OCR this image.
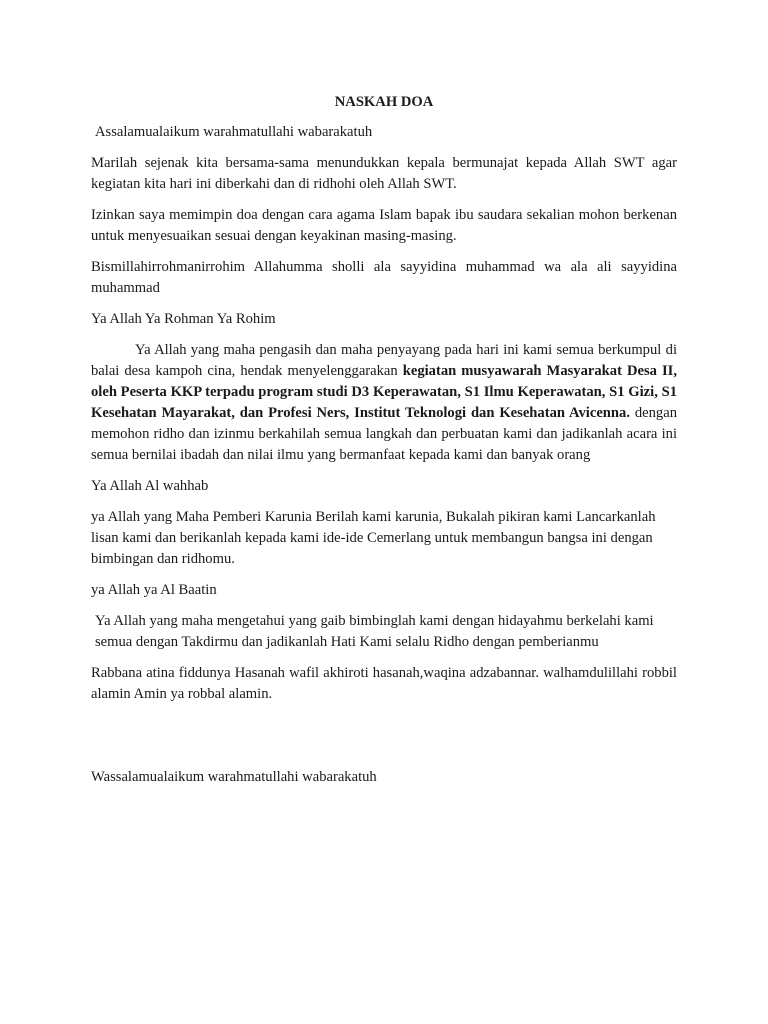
NASKAH DOA

Assalamualaikum warahmatullahi wabarakatuh

Marilah sejenak kita bersama-sama menundukkan kepala bermunajat kepada Allah SWT agar kegiatan kita hari ini diberkahi dan di ridhohi oleh Allah SWT.

Izinkan saya memimpin doa dengan cara agama Islam bapak ibu saudara sekalian mohon berkenan untuk menyesuaikan sesuai dengan keyakinan masing-masing.

Bismillahirrohmanirrohim Allahumma sholli ala sayyidina muhammad wa ala ali sayyidina muhammad

Ya Allah Ya Rohman Ya Rohim

Ya Allah yang maha pengasih dan maha penyayang pada hari ini kami semua berkumpul di balai desa kampoh cina, hendak menyelenggarakan kegiatan musyawarah Masyarakat Desa II, oleh Peserta KKP terpadu program studi D3 Keperawatan, S1 Ilmu Keperawatan, S1 Gizi, S1 Kesehatan Mayarakat, dan Profesi Ners, Institut Teknologi dan Kesehatan Avicenna. dengan memohon ridho dan izinmu berkahilah semua langkah dan perbuatan kami dan jadikanlah acara ini semua bernilai ibadah dan nilai ilmu yang bermanfaat kepada kami dan banyak orang

Ya Allah Al wahhab

ya Allah yang Maha Pemberi Karunia Berilah kami karunia, Bukalah pikiran kami Lancarkanlah lisan kami dan berikanlah kepada kami ide-ide Cemerlang untuk membangun bangsa ini dengan bimbingan dan ridhomu.

ya Allah ya Al Baatin

Ya Allah yang maha mengetahui yang gaib bimbinglah kami dengan hidayahmu berkelahi kami semua dengan Takdirmu dan jadikanlah Hati Kami selalu Ridho dengan pemberianmu

Rabbana atina fiddunya Hasanah wafil akhiroti hasanah,waqina adzabannar. walhamdulillahi robbil alamin Amin ya robbal alamin.

Wassalamualaikum warahmatullahi wabarakatuh
